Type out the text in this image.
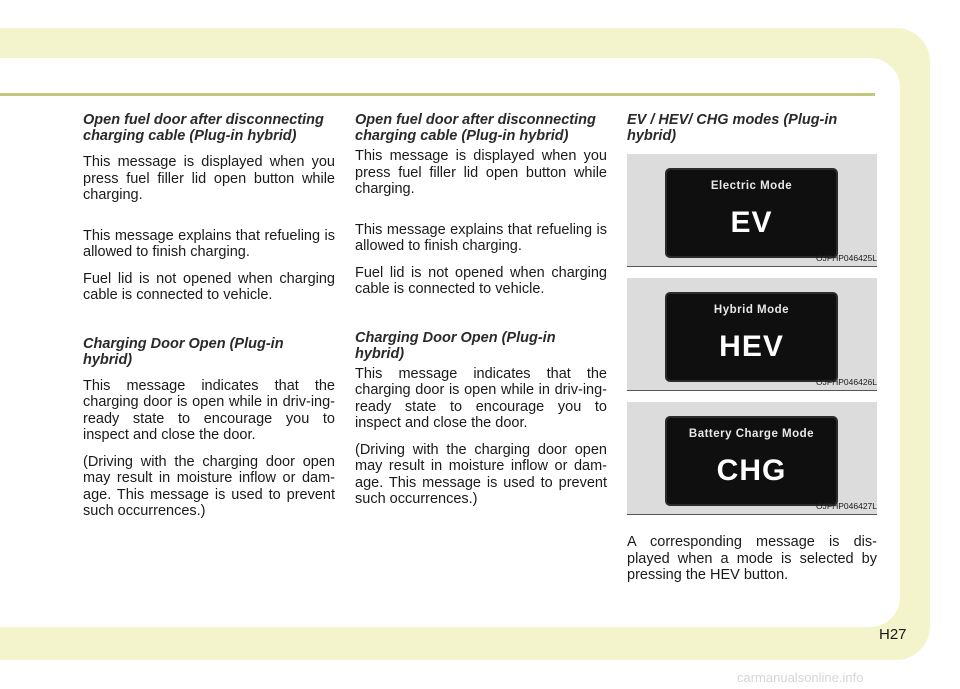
Open fuel door after disconnecting charging cable (Plug-in hybrid)

This message is displayed when you press fuel filler lid open button while charging.

This message explains that refueling is allowed to finish charging.

Fuel lid is not opened when charging cable is connected to vehicle.

Charging Door Open (Plug-in hybrid)

This message indicates that the charging door is open while in driv-ing-ready state to encourage you to inspect and close the door.

(Driving with the charging door open may result in moisture inflow or dam-age. This message is used to prevent such occurrences.)

Open fuel door after disconnecting charging cable (Plug-in hybrid)

This message is displayed when you press fuel filler lid open button while charging.

This message explains that refueling is allowed to finish charging.

Fuel lid is not opened when charging cable is connected to vehicle.

Charging Door Open (Plug-in hybrid)

This message indicates that the charging door is open while in driv-ing-ready state to encourage you to inspect and close the door.

(Driving with the charging door open may result in moisture inflow or dam-age. This message is used to prevent such occurrences.)

EV / HEV/ CHG modes (Plug-in hybrid)
Electric Mode
EV
OJFHP046425L
Hybrid Mode
HEV
OJFHP046426L
Battery Charge Mode
CHG
OJFHP046427L

A corresponding message is dis-played when a mode is selected by pressing the HEV button.

H27
carmanualsonline.info
